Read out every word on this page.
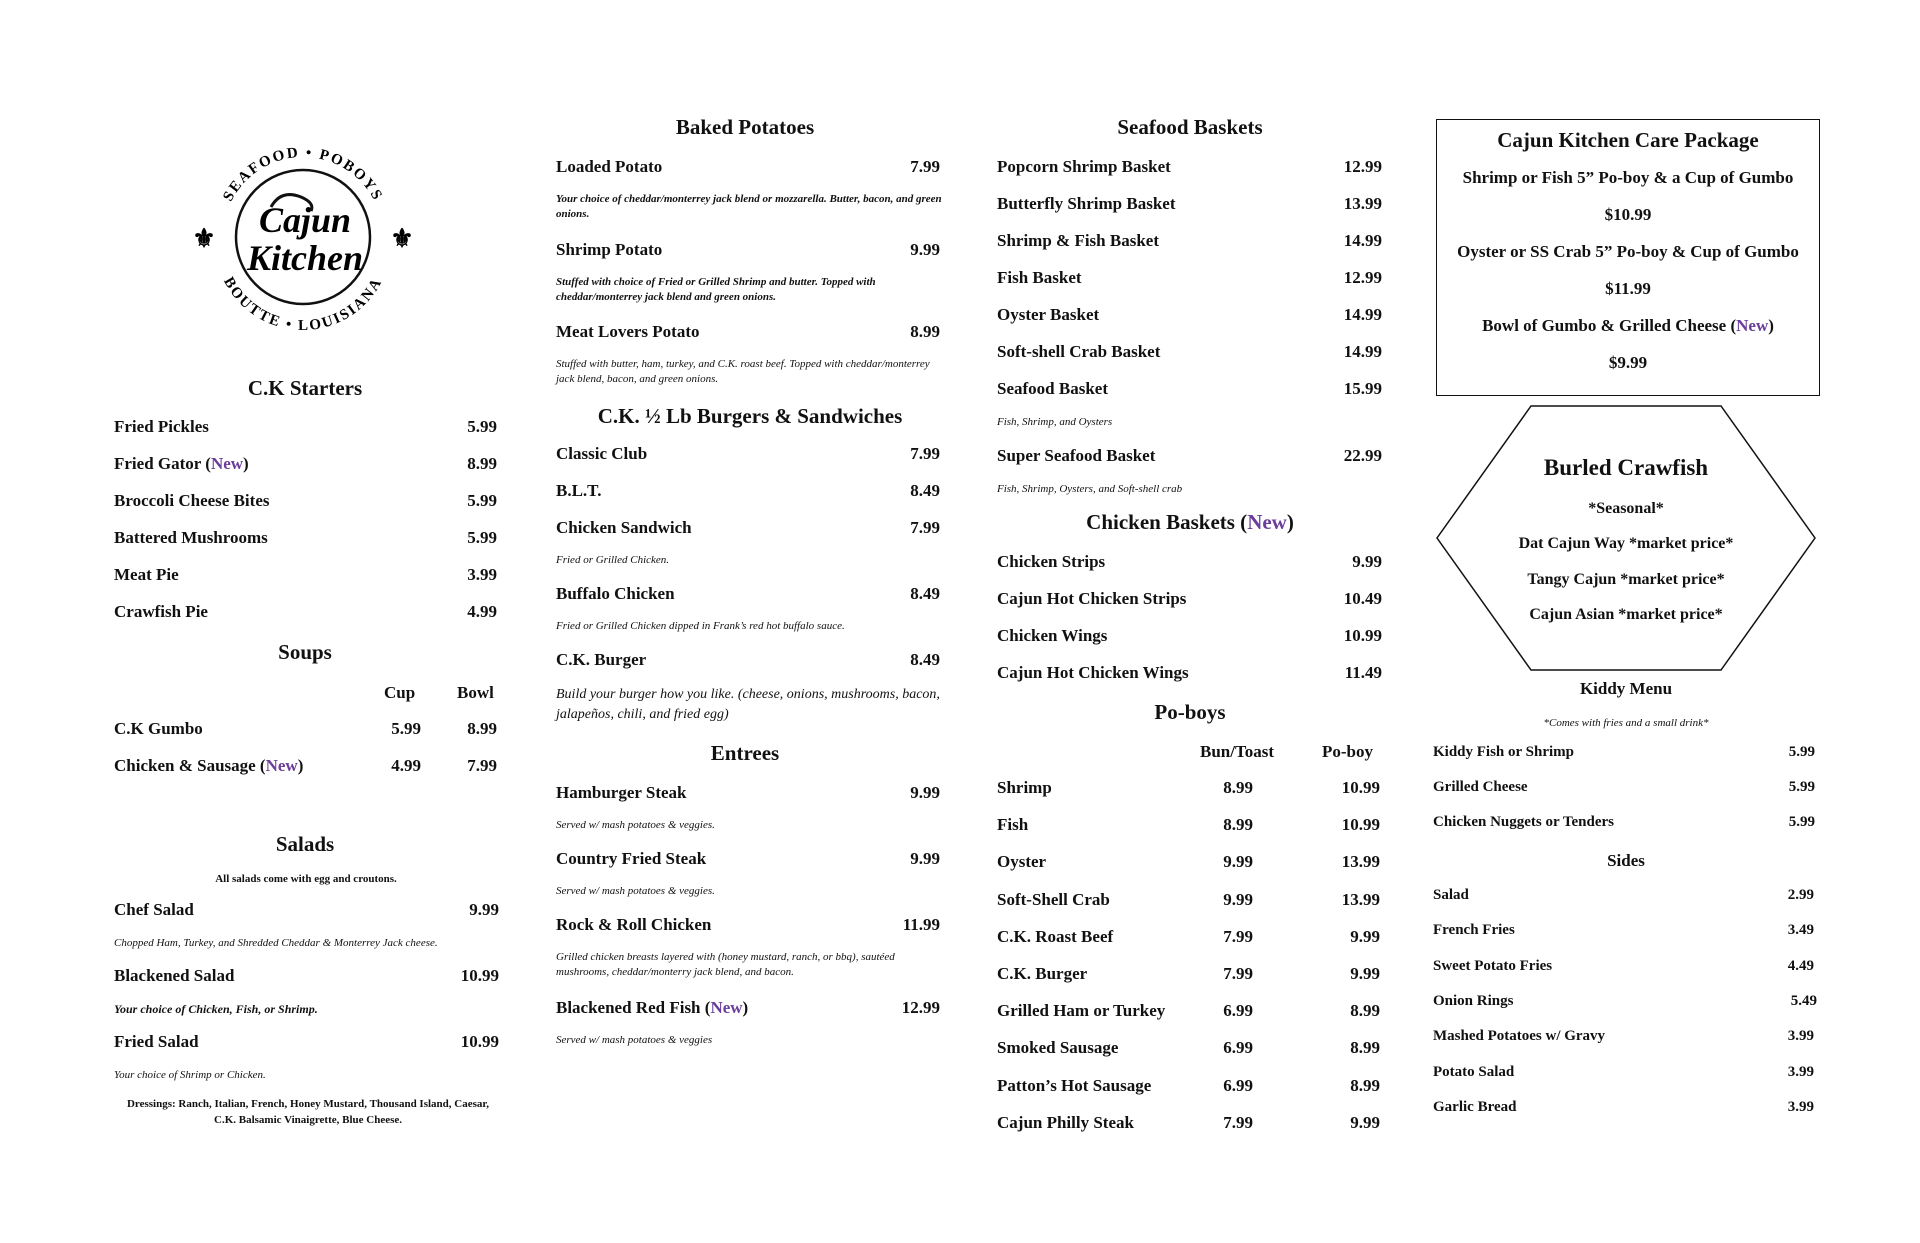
SEAFOOD • POBOYS
BOUTTE • LOUISIANA
Cajun
Kitchen
⚜	⚜
C.K Starters
Fried Pickles	5.99
Fried Gator (New)	8.99
Broccoli Cheese Bites	5.99
Battered Mushrooms	5.99
Meat Pie	3.99
Crawfish Pie	4.99
Soups
Cup Bowl
C.K Gumbo	5.99	8.99
Chicken & Sausage (New)	4.99	7.99
Salads
All salads come with egg and croutons.
Chef Salad	9.99
Chopped Ham, Turkey, and Shredded Cheddar & Monterrey Jack cheese.
Blackened Salad	10.99
Your choice of Chicken, Fish, or Shrimp.
Fried Salad	10.99
Your choice of Shrimp or Chicken.
Dressings: Ranch, Italian, French, Honey Mustard, Thousand Island, Caesar, C.K. Balsamic Vinaigrette, Blue Cheese.
Baked Potatoes
Loaded Potato	7.99
Your choice of cheddar/monterrey jack blend or mozzarella. Butter, bacon, and green onions.
Shrimp Potato	9.99
Stuffed with choice of Fried or Grilled Shrimp and butter. Topped with cheddar/monterrey jack blend and green onions.
Meat Lovers Potato	8.99
Stuffed with butter, ham, turkey, and C.K. roast beef. Topped with cheddar/monterrey jack blend, bacon, and green onions.
C.K. ½ Lb Burgers & Sandwiches
Classic Club	7.99
B.L.T.	8.49
Chicken Sandwich	7.99
Fried or Grilled Chicken.
Buffalo Chicken	8.49
Fried or Grilled Chicken dipped in Frank’s red hot buffalo sauce.
C.K. Burger	8.49
Build your burger how you like. (cheese, onions, mushrooms, bacon, jalapeños, chili, and fried egg)
Entrees
Hamburger Steak	9.99
Served w/ mash potatoes & veggies.
Country Fried Steak	9.99
Served w/ mash potatoes & veggies.
Rock & Roll Chicken	11.99
Grilled chicken breasts layered with (honey mustard, ranch, or bbq), sautéed mushrooms, cheddar/monterry jack blend, and bacon.
Blackened Red Fish (New)	12.99
Served w/ mash potatoes & veggies
Seafood Baskets
Popcorn Shrimp Basket	12.99
Butterfly Shrimp Basket	13.99
Shrimp & Fish Basket	14.99
Fish Basket	12.99
Oyster Basket	14.99
Soft-shell Crab Basket	14.99
Seafood Basket	15.99
Fish, Shrimp, and Oysters
Super Seafood Basket	22.99
Fish, Shrimp, Oysters, and Soft-shell crab
Chicken Baskets (New)
Chicken Strips	9.99
Cajun Hot Chicken Strips	10.49
Chicken Wings	10.99
Cajun Hot Chicken Wings	11.49
Po-boys
Bun/Toast	Po-boy
Shrimp	8.99	10.99
Fish	8.99	10.99
Oyster	9.99	13.99
Soft-Shell Crab	9.99	13.99
C.K. Roast Beef	7.99	9.99
C.K. Burger	7.99	9.99
Grilled Ham or Turkey	6.99	8.99
Smoked Sausage	6.99	8.99
Patton’s Hot Sausage	6.99	8.99
Cajun Philly Steak	7.99	9.99
Cajun Kitchen Care Package
Shrimp or Fish 5” Po-boy & a Cup of Gumbo
$10.99
Oyster or SS Crab 5” Po-boy & Cup of Gumbo
$11.99
Bowl of Gumbo & Grilled Cheese (New)
$9.99
Burled Crawfish
*Seasonal*
Dat Cajun Way *market price*
Tangy Cajun *market price*
Cajun Asian *market price*
Kiddy Menu
*Comes with fries and a small drink*
Kiddy Fish or Shrimp	5.99
Grilled Cheese	5.99
Chicken Nuggets or Tenders	5.99
Sides
Salad	2.99
French Fries	3.49
Sweet Potato Fries	4.49
Onion Rings	5.49
Mashed Potatoes w/ Gravy	3.99
Potato Salad	3.99
Garlic Bread	3.99
